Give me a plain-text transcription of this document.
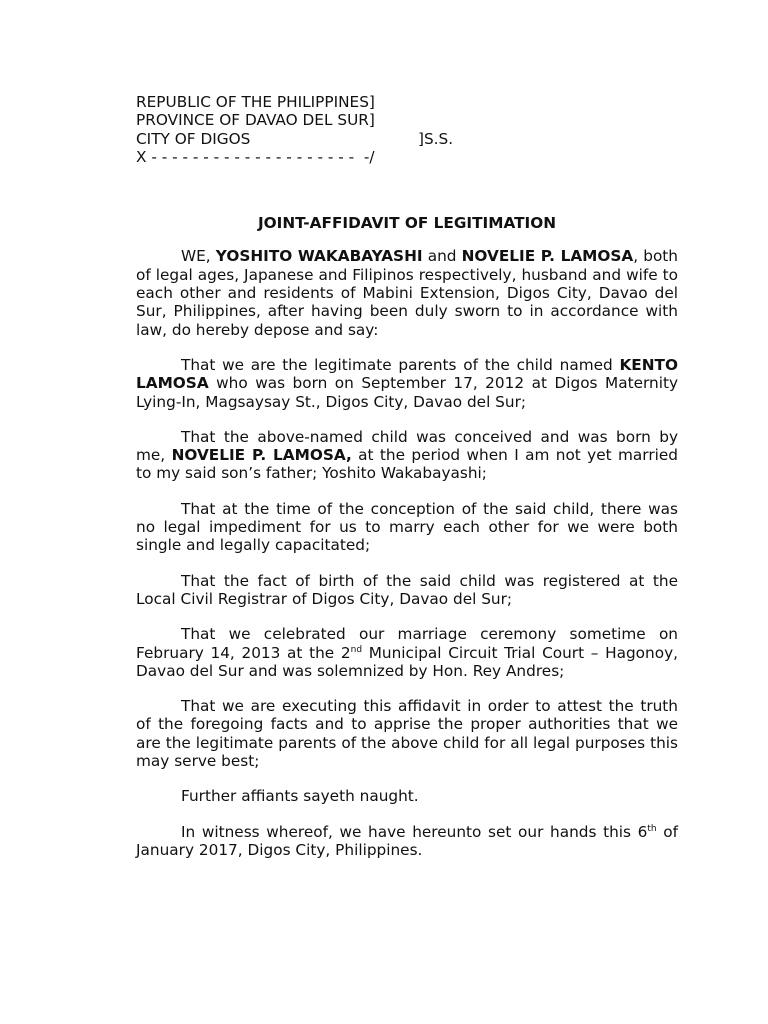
REPUBLIC OF THE PHILIPPINES]
PROVINCE OF DAVAO DEL SUR]
CITY OF DIGOS	]S.S.
X - - - - - - - - - - - - - - - - - - - -  -/
JOINT-AFFIDAVIT OF LEGITIMATION

WE, YOSHITO WAKABAYASHI and NOVELIE P. LAMOSA, both of legal ages, Japanese and Filipinos respectively, husband and wife to each other and residents of Mabini Extension, Digos City, Davao del Sur, Philippines, after having been duly sworn to in accordance with law, do hereby depose and say:

That we are the legitimate parents of the child named KENTO LAMOSA who was born on September 17, 2012 at Digos Maternity Lying-In, Magsaysay St., Digos City, Davao del Sur;

That the above-named child was conceived and was born by me, NOVELIE P. LAMOSA, at the period when I am not yet married to my said son’s father; Yoshito Wakabayashi;

That at the time of the conception of the said child, there was no legal impediment for us to marry each other for we were both single and legally capacitated;

That the fact of birth of the said child was registered at the Local Civil Registrar of Digos City, Davao del Sur;

That we celebrated our marriage ceremony sometime on February 14, 2013 at the 2nd Municipal Circuit Trial Court – Hagonoy, Davao del Sur and was solemnized by Hon. Rey Andres;

That we are executing this affidavit in order to attest the truth of the foregoing facts and to apprise the proper authorities that we are the legitimate parents of the above child for all legal purposes this may serve best;

Further affiants sayeth naught.

In witness whereof, we have hereunto set our hands this 6th of January 2017, Digos City, Philippines.
